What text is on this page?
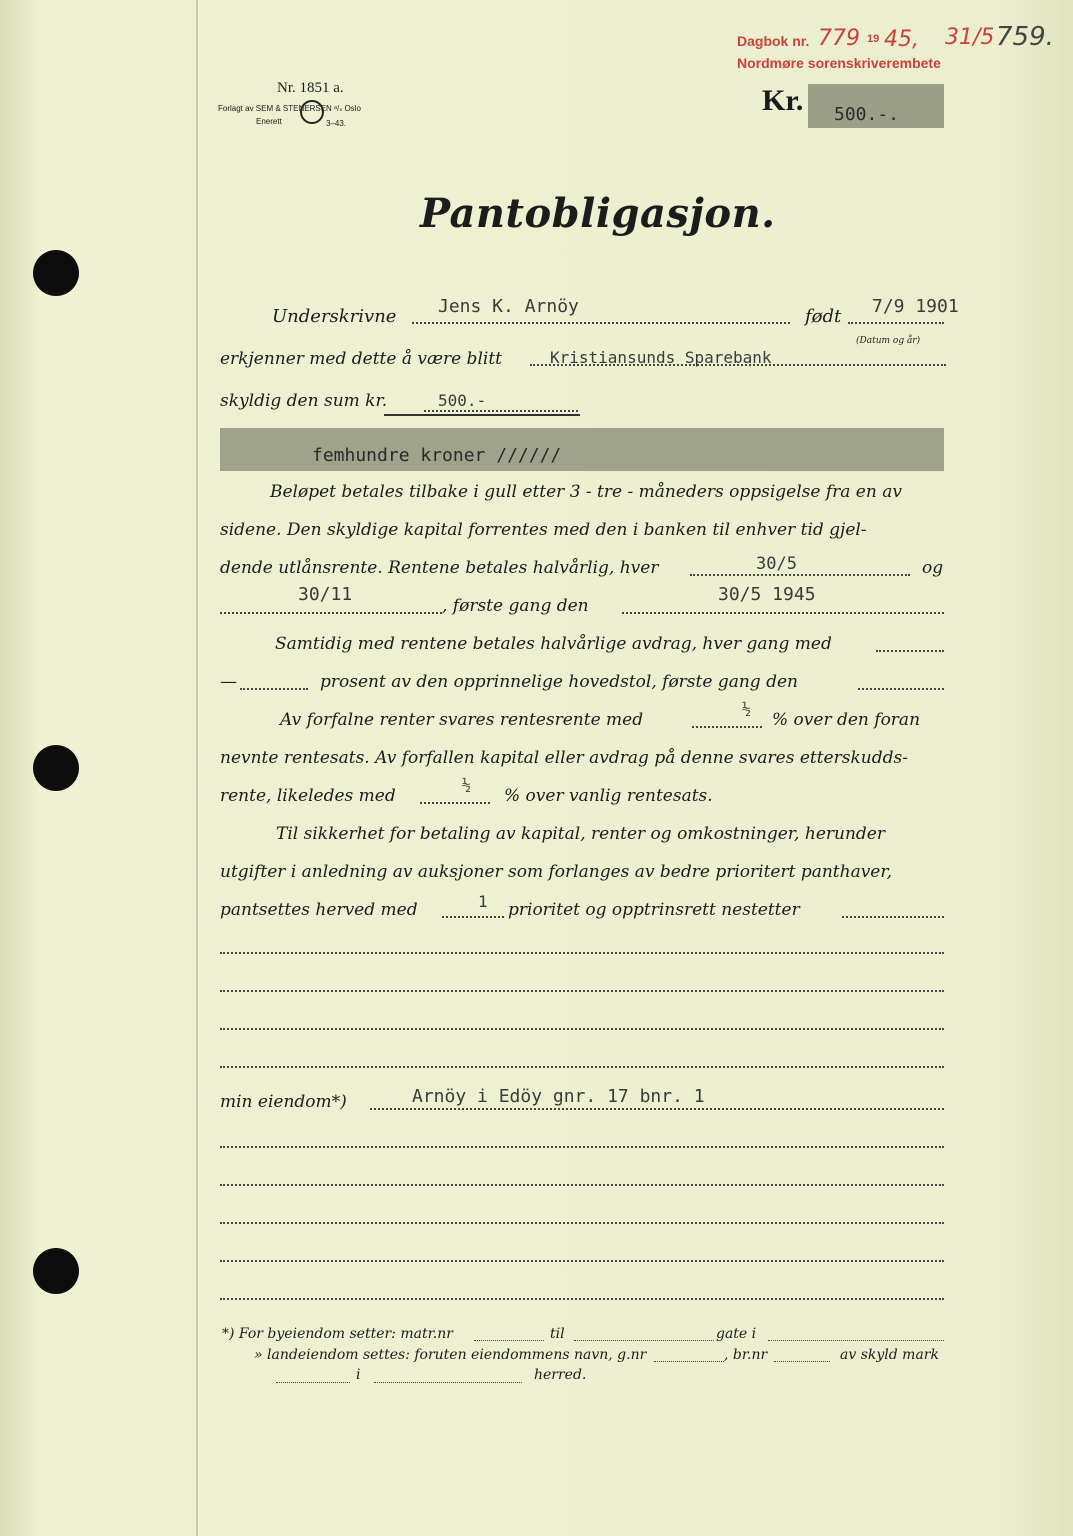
Dagbok nr. 779 19 45, 31/5 759.
Nordmøre sorenskriverembete
Nr. 1851 a.
Forlagt av SEM & STENERSEN ᵃ/ₛ Oslo
Enerett	3–43.
Kr. 500.-.
Pantobligasjon.
Underskrivne Jens K. Arnöy	født 7/9 1901
(Datum og år)
erkjenner med dette å være blitt	Kristiansunds Sparebank
skyldig den sum kr.	500.-
femhundre kroner //////
Beløpet betales tilbake i gull etter 3 - tre - måneders oppsigelse fra en av
sidene. Den skyldige kapital forrentes med den i banken til enhver tid gjel-
dende utlånsrente. Rentene betales halvårlig, hver	30/5	og
30/11
, første gang den
30/5 1945
Samtidig med rentene betales halvårlige avdrag, hver gang med
—	prosent av den opprinnelige hovedstol, første gang den
Av forfalne renter svares rentesrente med
½
% over den foran
nevnte rentesats. Av forfallen kapital eller avdrag på denne svares etterskudds-
rente, likeledes med
½
% over vanlig rentesats.
Til sikkerhet for betaling av kapital, renter og omkostninger, herunder
utgifter i anledning av auksjoner som forlanges av bedre prioritert panthaver,
pantsettes herved med	1 prioritet og opptrinsrett nestetter
min eiendom*)	Arnöy i Edöy gnr. 17 bnr. 1
*) For byeiendom setter: matr.nr	til	gate i
» landeiendom settes: foruten eiendommens navn, g.nr	, br.nr	av skyld mark
i	herred.
